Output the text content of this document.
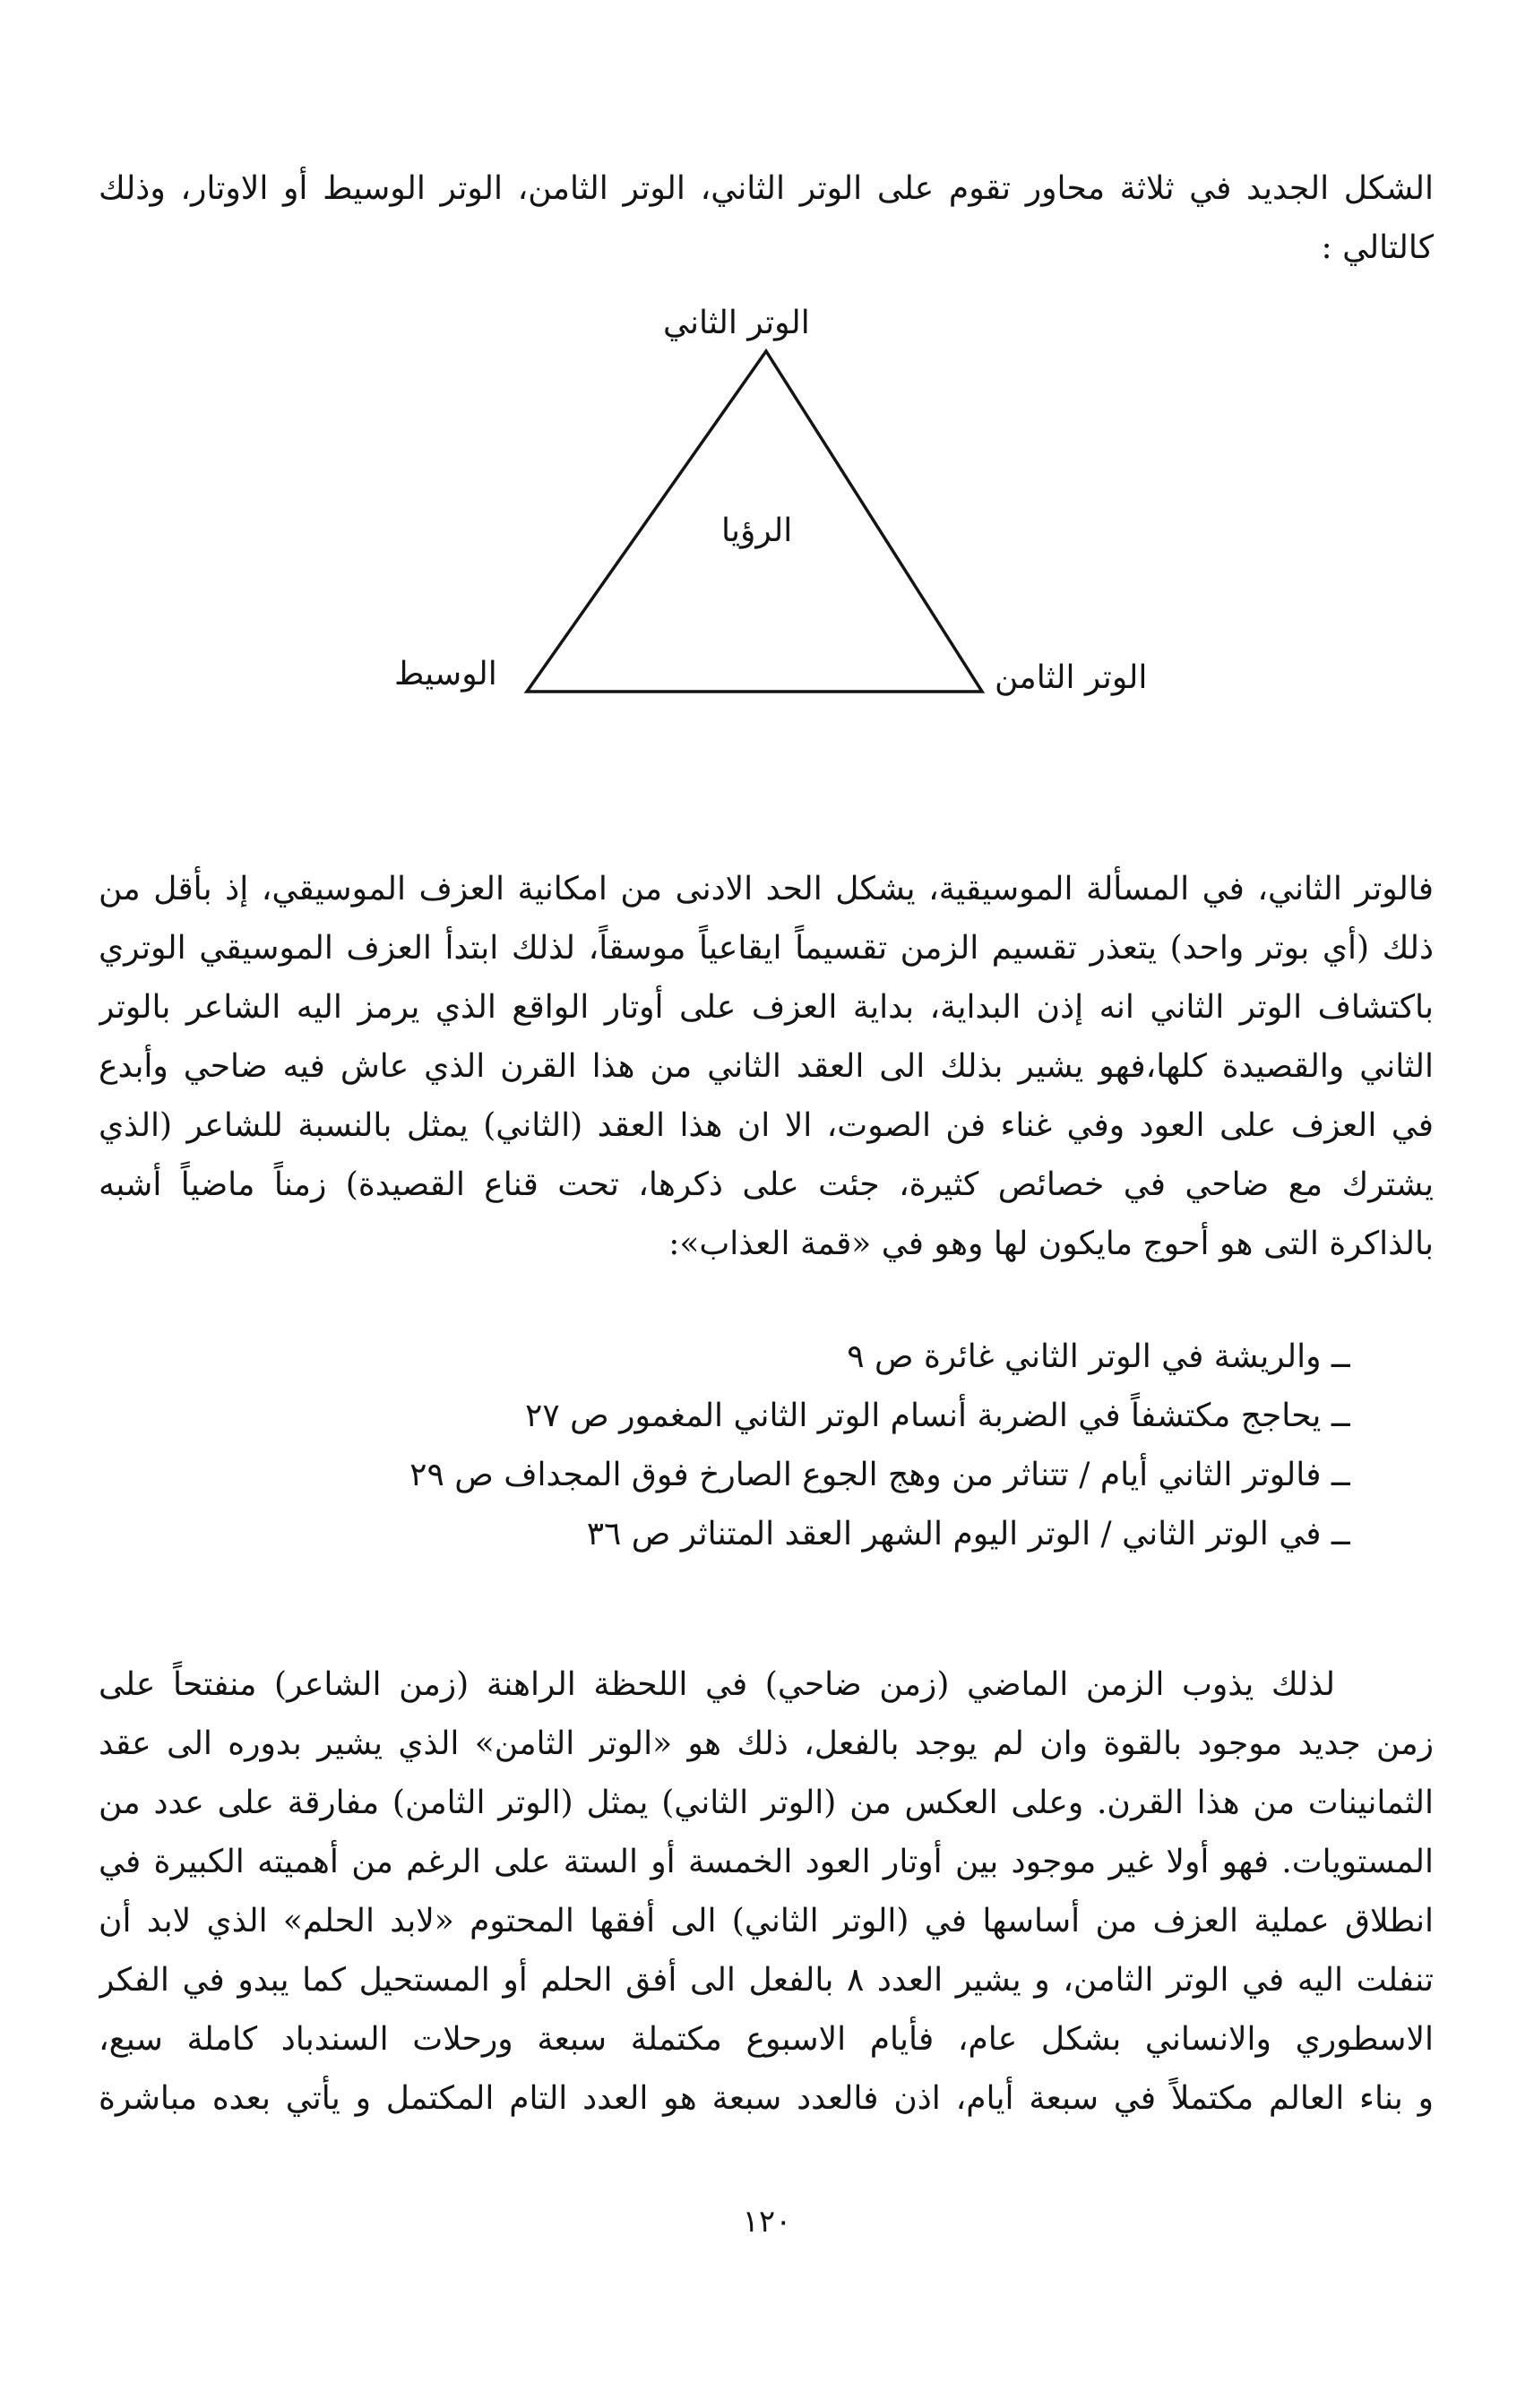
الشكل الجديد في ثلاثة محاور تقوم على الوتر الثاني، الوتر الثامن، الوتر الوسيط أو الاوتار، وذلك
كالتالي :
الوتر الثاني
الرؤيا
الوسيط	الوتر الثامن
فالوتر الثاني، في المسألة الموسيقية، يشكل الحد الادنى من امكانية العزف الموسيقي، إذ بأقل من
ذلك (أي بوتر واحد) يتعذر تقسيم الزمن تقسيماً ايقاعياً موسقاً، لذلك ابتدأ العزف الموسيقي الوتري
باكتشاف الوتر الثاني انه إذن البداية، بداية العزف على أوتار الواقع الذي يرمز اليه الشاعر بالوتر
الثاني والقصيدة كلها،فهو يشير بذلك الى العقد الثاني من هذا القرن الذي عاش فيه ضاحي وأبدع
في العزف على العود وفي غناء فن الصوت، الا ان هذا العقد (الثاني) يمثل بالنسبة للشاعر (الذي
يشترك مع ضاحي في خصائص كثيرة، جئت على ذكرها، تحت قناع القصيدة) زمناً ماضياً أشبه
بالذاكرة التى هو أحوج مايكون لها وهو في «قمة العذاب»:
ــ والريشة في الوتر الثاني غائرة ص ٩
ــ يحاجج مكتشفاً في الضربة أنسام الوتر الثاني المغمور ص ٢٧
ــ فالوتر الثاني أيام / تتناثر من وهج الجوع الصارخ فوق المجداف ص ٢٩
ــ في الوتر الثاني / الوتر اليوم الشهر العقد المتناثر ص ٣٦
لذلك يذوب الزمن الماضي (زمن ضاحي) في اللحظة الراهنة (زمن الشاعر) منفتحاً على
زمن جديد موجود بالقوة وان لم يوجد بالفعل، ذلك هو «الوتر الثامن» الذي يشير بدوره الى عقد
الثمانينات من هذا القرن. وعلى العكس من (الوتر الثاني) يمثل (الوتر الثامن) مفارقة على عدد من
المستويات. فهو أولا غير موجود بين أوتار العود الخمسة أو الستة على الرغم من أهميته الكبيرة في
انطلاق عملية العزف من أساسها في (الوتر الثاني) الى أفقها المحتوم «لابد الحلم» الذي لابد أن
تنفلت اليه في الوتر الثامن، و يشير العدد ٨ بالفعل الى أفق الحلم أو المستحيل كما يبدو في الفكر
الاسطوري والانساني بشكل عام، فأيام الاسبوع مكتملة سبعة ورحلات السندباد كاملة سبع،
و بناء العالم مكتملاً في سبعة أيام، اذن فالعدد سبعة هو العدد التام المكتمل و يأتي بعده مباشرة
١٢٠
